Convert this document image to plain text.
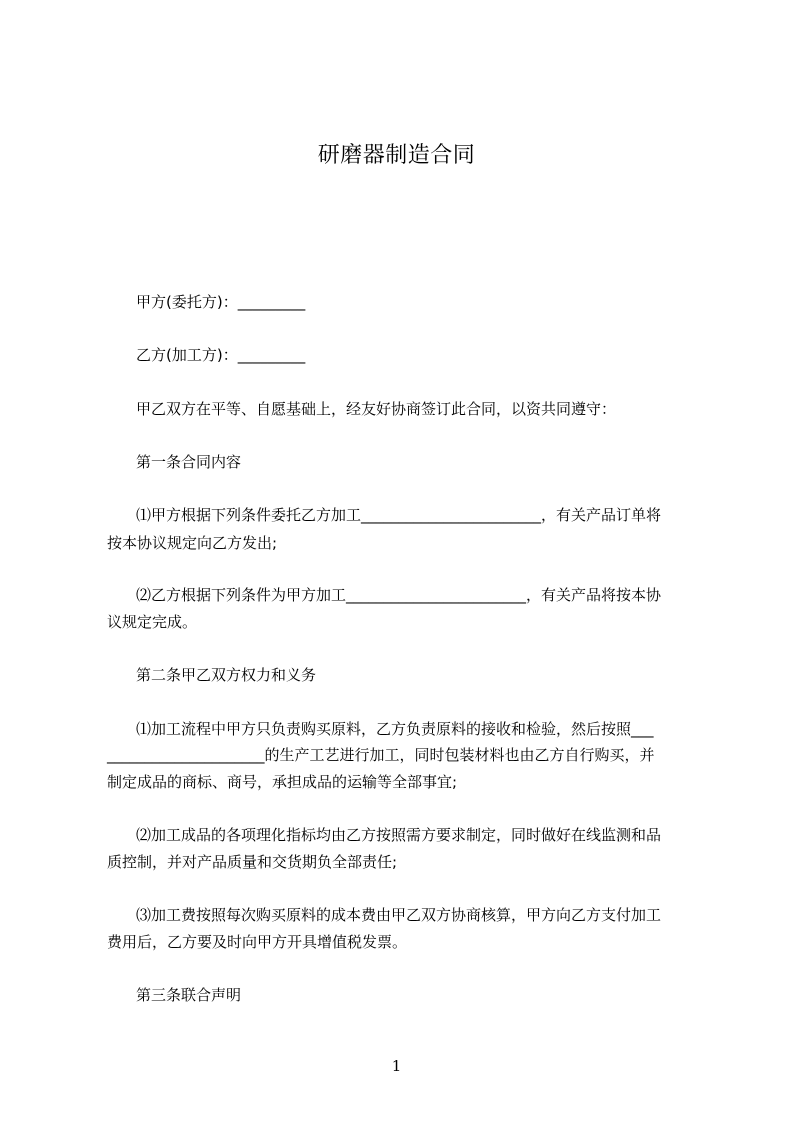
研磨器制造合同
甲方(委托方)：_________
乙方(加工方)：_________
甲乙双方在平等、自愿基础上，经友好协商签订此合同，以资共同遵守：
第一条合同内容
⑴甲方根据下列条件委托乙方加工________________________，有关产品订单将
按本协议规定向乙方发出;
⑵乙方根据下列条件为甲方加工________________________，有关产品将按本协
议规定完成。
第二条甲乙双方权力和义务
⑴加工流程中甲方只负责购买原料，乙方负责原料的接收和检验，然后按照___
_____________________的生产工艺进行加工，同时包装材料也由乙方自行购买，并
制定成品的商标、商号，承担成品的运输等全部事宜;
⑵加工成品的各项理化指标均由乙方按照需方要求制定，同时做好在线监测和品
质控制，并对产品质量和交货期负全部责任;
⑶加工费按照每次购买原料的成本费由甲乙双方协商核算，甲方向乙方支付加工
费用后，乙方要及时向甲方开具增值税发票。
第三条联合声明
1
